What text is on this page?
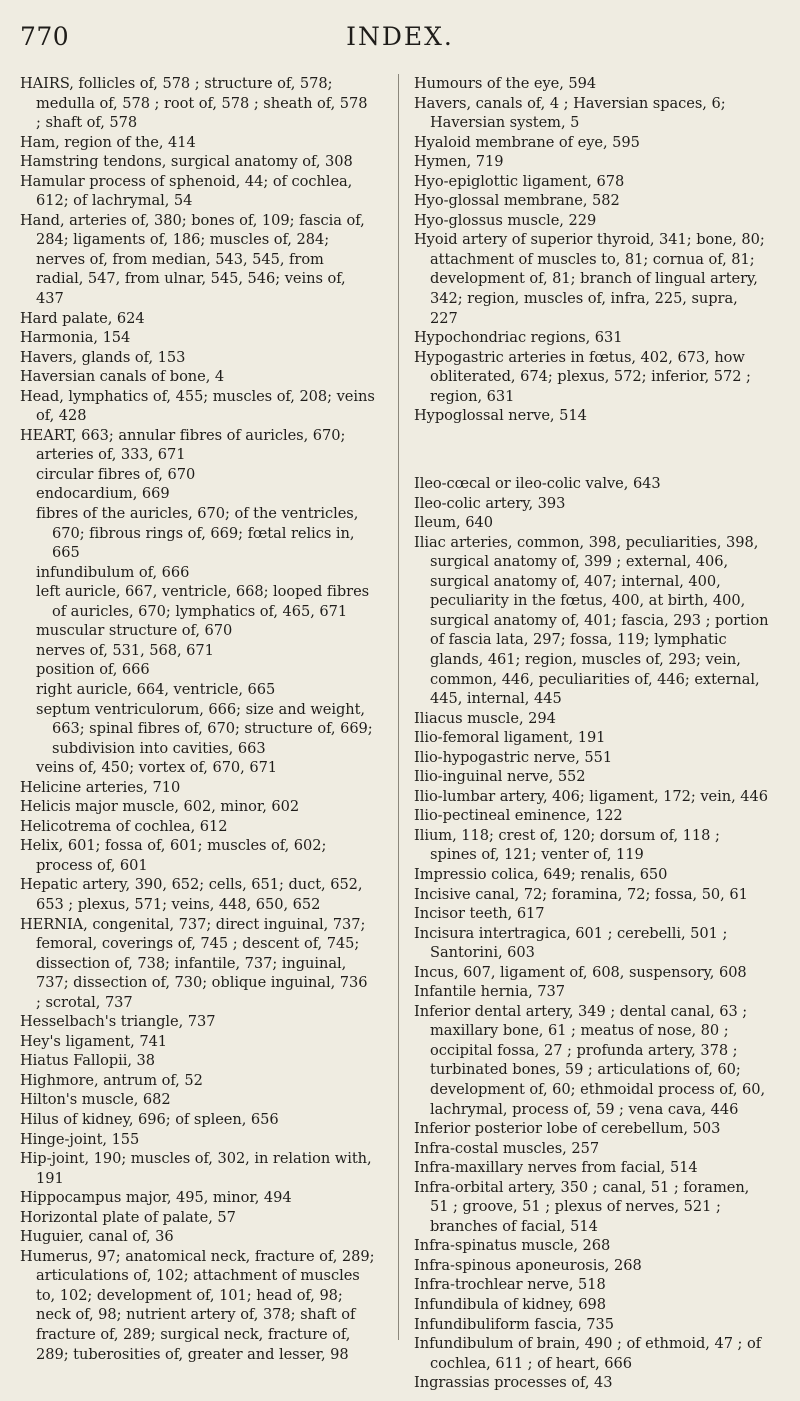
770	INDEX.

HAIRS, follicles of, 578 ; structure of, 578; medulla of, 578 ; root of, 578 ; sheath of, 578 ; shaft of, 578

Ham, region of the, 414

Hamstring tendons, surgical anatomy of, 308

Hamular process of sphenoid, 44; of cochlea, 612; of lachrymal, 54

Hand, arteries of, 380; bones of, 109; fascia of, 284; ligaments of, 186; muscles of, 284; nerves of, from median, 543, 545, from radial, 547, from ulnar, 545, 546; veins of, 437

Hard palate, 624

Harmonia, 154

Havers, glands of, 153

Haversian canals of bone, 4

Head, lymphatics of, 455; muscles of, 208; veins of, 428

HEART, 663; annular fibres of auricles, 670;

arteries of, 333, 671

circular fibres of, 670

endocardium, 669

fibres of the auricles, 670; of the ventricles, 670; fibrous rings of, 669; fœtal relics in, 665

infundibulum of, 666

left auricle, 667, ventricle, 668; looped fibres of auricles, 670; lymphatics of, 465, 671

muscular structure of, 670

nerves of, 531, 568, 671

position of, 666

right auricle, 664, ventricle, 665

septum ventriculorum, 666; size and weight, 663; spinal fibres of, 670; structure of, 669; subdivision into cavities, 663

veins of, 450; vortex of, 670, 671

Helicine arteries, 710

Helicis major muscle, 602, minor, 602

Helicotrema of cochlea, 612

Helix, 601; fossa of, 601; muscles of, 602; process of, 601

Hepatic artery, 390, 652; cells, 651; duct, 652, 653 ; plexus, 571; veins, 448, 650, 652

HERNIA, congenital, 737; direct inguinal, 737; femoral, coverings of, 745 ; descent of, 745; dissection of, 738; infantile, 737; inguinal, 737; dissection of, 730; oblique inguinal, 736 ; scrotal, 737

Hesselbach's triangle, 737

Hey's ligament, 741

Hiatus Fallopii, 38

Highmore, antrum of, 52

Hilton's muscle, 682

Hilus of kidney, 696; of spleen, 656

Hinge-joint, 155

Hip-joint, 190; muscles of, 302, in relation with, 191

Hippocampus major, 495, minor, 494

Horizontal plate of palate, 57

Huguier, canal of, 36

Humerus, 97; anatomical neck, fracture of, 289; articulations of, 102; attachment of muscles to, 102; development of, 101; head of, 98; neck of, 98; nutrient artery of, 378; shaft of fracture of, 289; surgical neck, fracture of, 289; tuberosities of, greater and lesser, 98

Humours of the eye, 594

Havers, canals of, 4 ; Haversian spaces, 6; Haversian system, 5

Hyaloid membrane of eye, 595

Hymen, 719

Hyo-epiglottic ligament, 678

Hyo-glossal membrane, 582

Hyo-glossus muscle, 229

Hyoid artery of superior thyroid, 341; bone, 80; attachment of muscles to, 81; cornua of, 81; development of, 81; branch of lingual artery, 342; region, muscles of, infra, 225, supra, 227

Hypochondriac regions, 631

Hypogastric arteries in fœtus, 402, 673, how obliterated, 674; plexus, 572; inferior, 572 ; region, 631

Hypoglossal nerve, 514

Ileo-cœcal or ileo-colic valve, 643

Ileo-colic artery, 393

Ileum, 640

Iliac arteries, common, 398, peculiarities, 398, surgical anatomy of, 399 ; external, 406, surgical anatomy of, 407; internal, 400, peculiarity in the fœtus, 400, at birth, 400, surgical anatomy of, 401; fascia, 293 ; portion of fascia lata, 297; fossa, 119; lymphatic glands, 461; region, muscles of, 293; vein, common, 446, peculiarities of, 446; external, 445, internal, 445

Iliacus muscle, 294

Ilio-femoral ligament, 191

Ilio-hypogastric nerve, 551

Ilio-inguinal nerve, 552

Ilio-lumbar artery, 406; ligament, 172; vein, 446

Ilio-pectineal eminence, 122

Ilium, 118; crest of, 120; dorsum of, 118 ; spines of, 121; venter of, 119

Impressio colica, 649; renalis, 650

Incisive canal, 72; foramina, 72; fossa, 50, 61

Incisor teeth, 617

Incisura intertragica, 601 ; cerebelli, 501 ; Santorini, 603

Incus, 607, ligament of, 608, suspensory, 608

Infantile hernia, 737

Inferior dental artery, 349 ; dental canal, 63 ; maxillary bone, 61 ; meatus of nose, 80 ; occipital fossa, 27 ; profunda artery, 378 ; turbinated bones, 59 ; articulations of, 60; development of, 60; ethmoidal process of, 60, lachrymal, process of, 59 ; vena cava, 446

Inferior posterior lobe of cerebellum, 503

Infra-costal muscles, 257

Infra-maxillary nerves from facial, 514

Infra-orbital artery, 350 ; canal, 51 ; foramen, 51 ; groove, 51 ; plexus of nerves, 521 ; branches of facial, 514

Infra-spinatus muscle, 268

Infra-spinous aponeurosis, 268

Infra-trochlear nerve, 518

Infundibula of kidney, 698

Infundibuliform fascia, 735

Infundibulum of brain, 490 ; of ethmoid, 47 ; of cochlea, 611 ; of heart, 666

Ingrassias processes of, 43
